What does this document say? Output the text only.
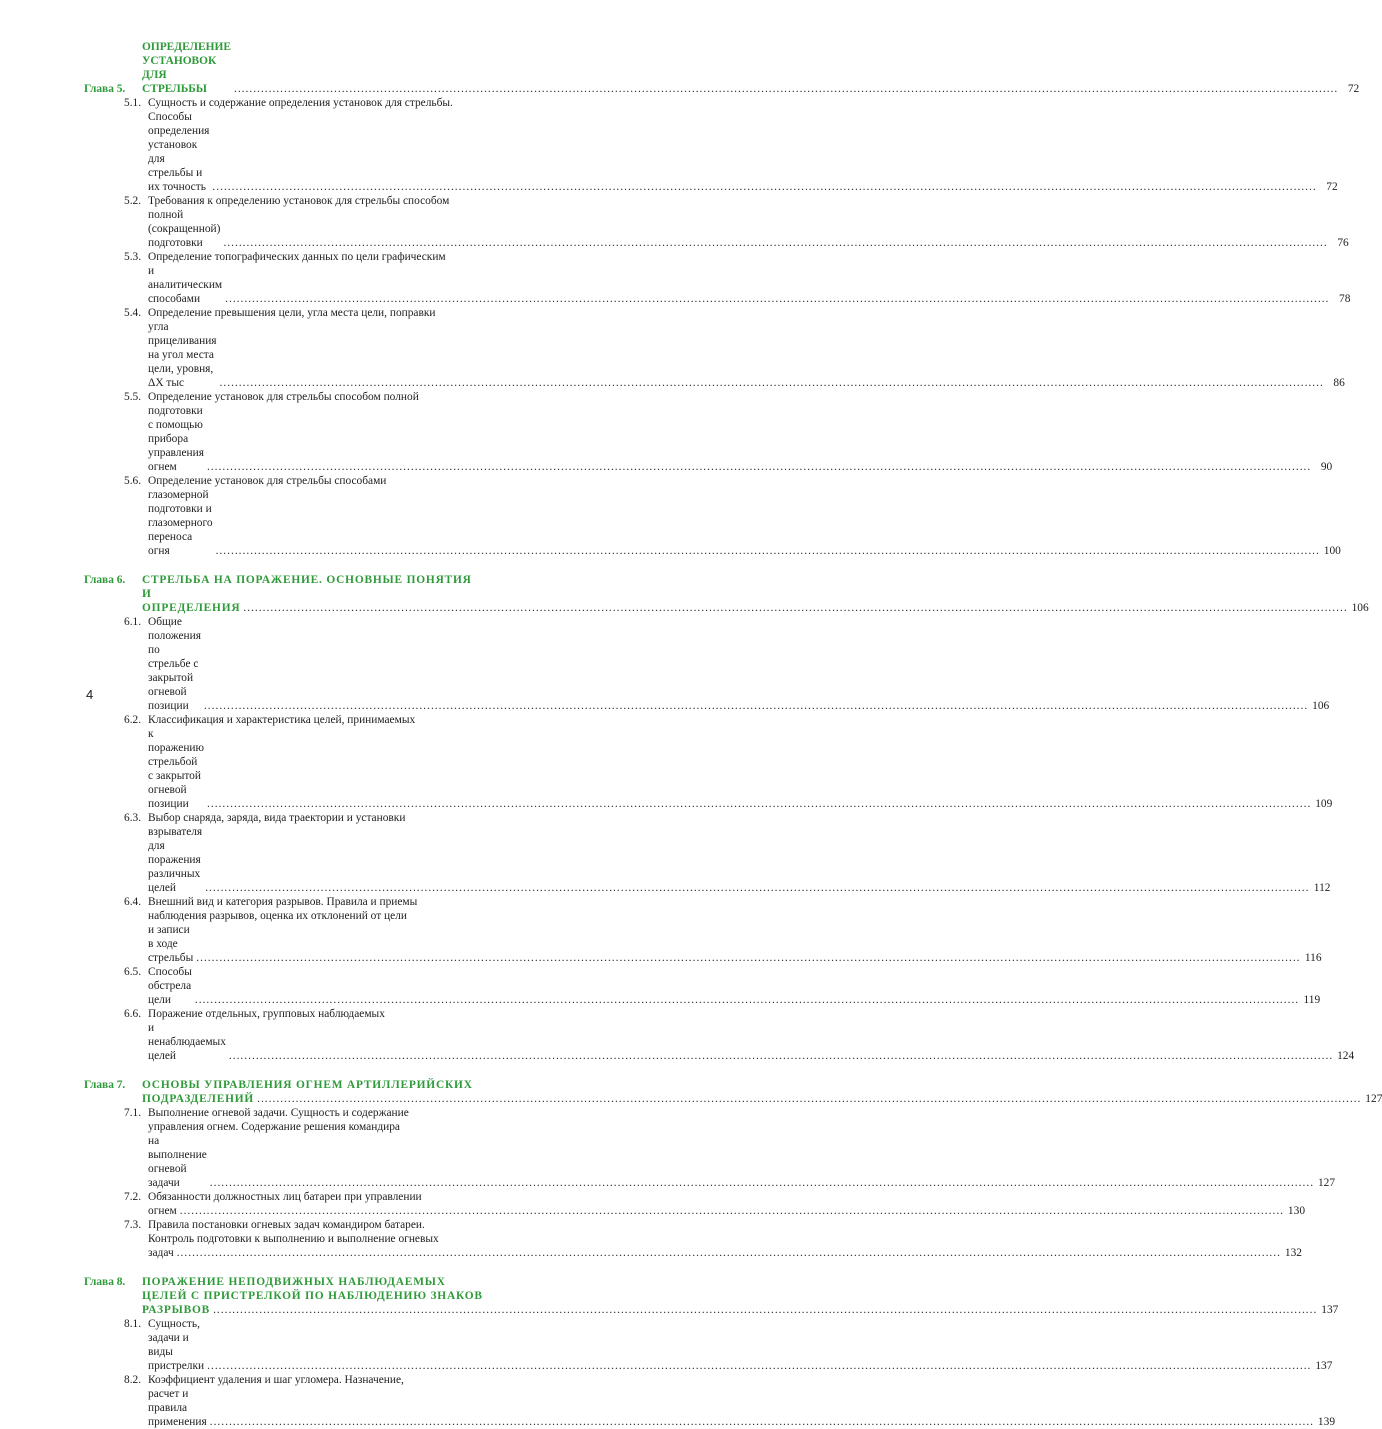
Глава 5.
ОПРЕДЕЛЕНИЕ УСТАНОВОК ДЛЯ СТРЕЛЬБЫ .....	72
5.1. Сущность и содержание определения установок для стрельбы.
Способы определения установок для стрельбы и их точность .....	72
5.2. Требования к определению установок для стрельбы способом
полной (сокращенной) подготовки .....	76
5.3. Определение топографических данных по цели графическим
и аналитическим способами .....	78
5.4. Определение превышения цели, угла места цели, поправки
угла прицеливания на угол места цели, уровня, ΔX тыс .....	86
5.5. Определение установок для стрельбы способом полной
подготовки с помощью прибора управления огнем .....	90
5.6. Определение установок для стрельбы способами
глазомерной подготовки и глазомерного переноса огня .....	100
Глава 6.	СТРЕЛЬБА НА ПОРАЖЕНИЕ. ОСНОВНЫЕ ПОНЯТИЯ
И ОПРЕДЕЛЕНИЯ .....	106
6.1. Общие положения по стрельбе с закрытой огневой позиции .....	106
6.2. Классификация и характеристика целей, принимаемых
к поражению стрельбой с закрытой огневой позиции .....	109
6.3. Выбор снаряда, заряда, вида траектории и установки
взрывателя для поражения различных целей .....	112
6.4. Внешний вид и категория разрывов. Правила и приемы
наблюдения разрывов, оценка их отклонений от цели
и записи в ходе стрельбы .....	116
6.5. Способы обстрела цели .....	119
6.6. Поражение отдельных, групповых наблюдаемых
и ненаблюдаемых целей .....	124
Глава 7.	ОСНОВЫ УПРАВЛЕНИЯ ОГНЕМ АРТИЛЛЕРИЙСКИХ
ПОДРАЗДЕЛЕНИЙ .....	127
7.1. Выполнение огневой задачи. Сущность и содержание
управления огнем. Содержание решения командира
на выполнение огневой задачи .....	127
7.2. Обязанности должностных лиц батареи при управлении
огнем .....	130
7.3. Правила постановки огневых задач командиром батареи.
Контроль подготовки к выполнению и выполнение огневых
задач .....	132
Глава 8.	ПОРАЖЕНИЕ НЕПОДВИЖНЫХ НАБЛЮДАЕМЫХ
ЦЕЛЕЙ С ПРИСТРЕЛКОЙ ПО НАБЛЮДЕНИЮ ЗНАКОВ
РАЗРЫВОВ .....	137
8.1. Сущность, задачи и виды пристрелки .....	137
8.2. Коэффициент удаления и шаг угломера. Назначение,
расчет и правила применения .....	139
4
